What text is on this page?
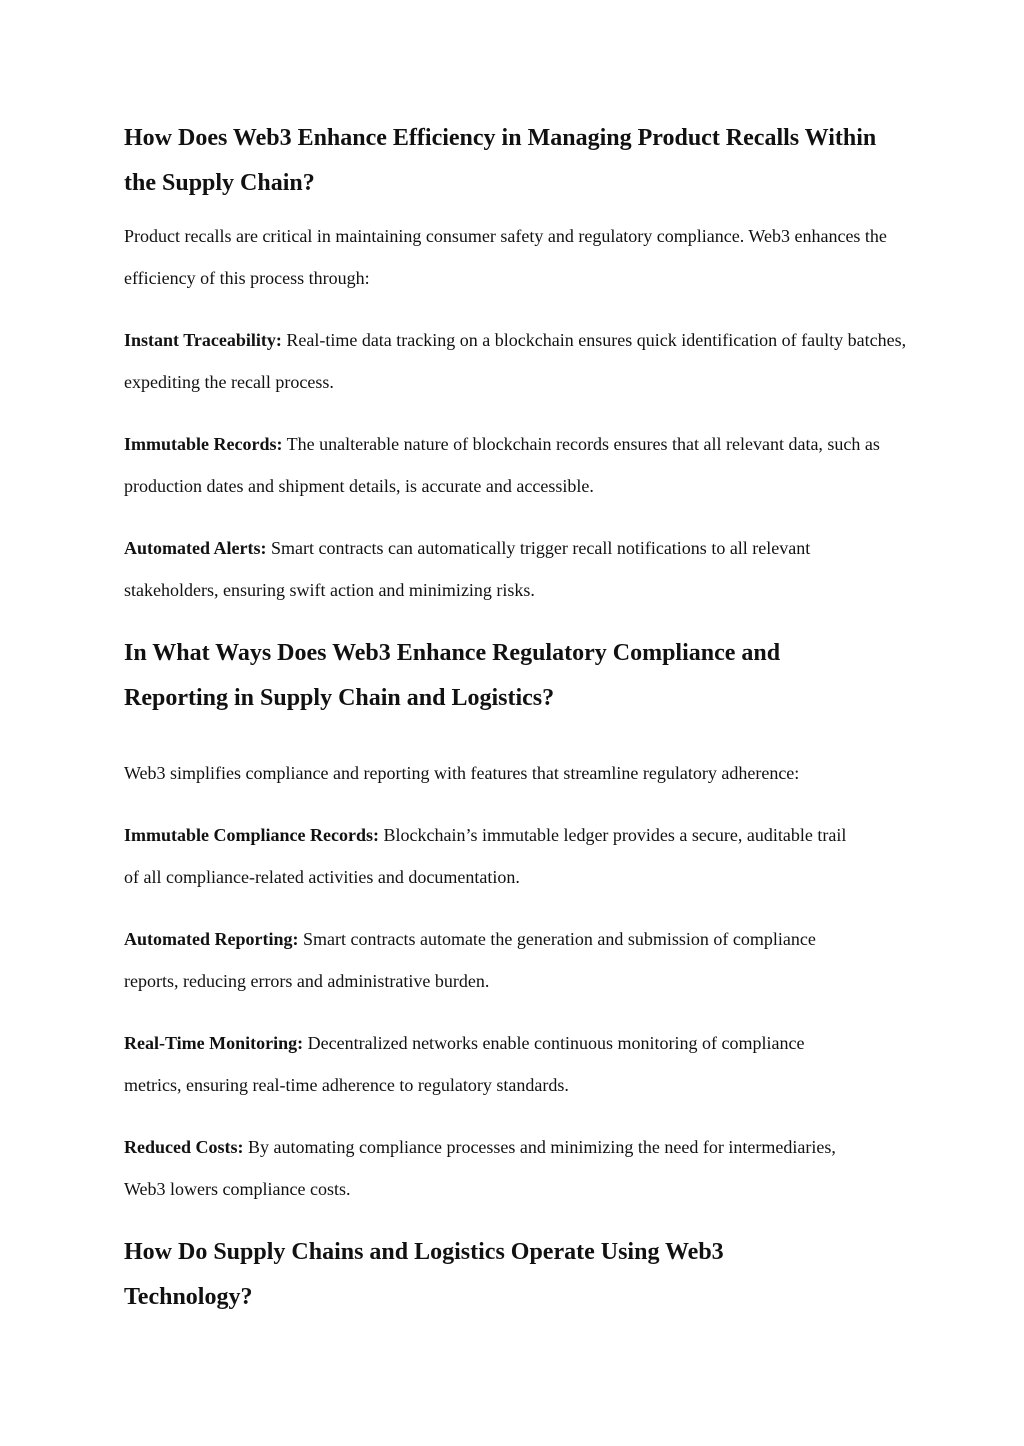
How Does Web3 Enhance Efficiency in Managing Product Recalls Within the Supply Chain?

Product recalls are critical in maintaining consumer safety and regulatory compliance. Web3 enhances the efficiency of this process through:

Instant Traceability: Real-time data tracking on a blockchain ensures quick identification of faulty batches, expediting the recall process.

Immutable Records: The unalterable nature of blockchain records ensures that all relevant data, such as production dates and shipment details, is accurate and accessible.

Automated Alerts: Smart contracts can automatically trigger recall notifications to all relevant stakeholders, ensuring swift action and minimizing risks.

In What Ways Does Web3 Enhance Regulatory Compliance and Reporting in Supply Chain and Logistics?

Web3 simplifies compliance and reporting with features that streamline regulatory adherence:

Immutable Compliance Records: Blockchain’s immutable ledger provides a secure, auditable trail of all compliance-related activities and documentation.

Automated Reporting: Smart contracts automate the generation and submission of compliance reports, reducing errors and administrative burden.

Real-Time Monitoring: Decentralized networks enable continuous monitoring of compliance metrics, ensuring real-time adherence to regulatory standards.

Reduced Costs: By automating compliance processes and minimizing the need for intermediaries, Web3 lowers compliance costs.

How Do Supply Chains and Logistics Operate Using Web3 Technology?
